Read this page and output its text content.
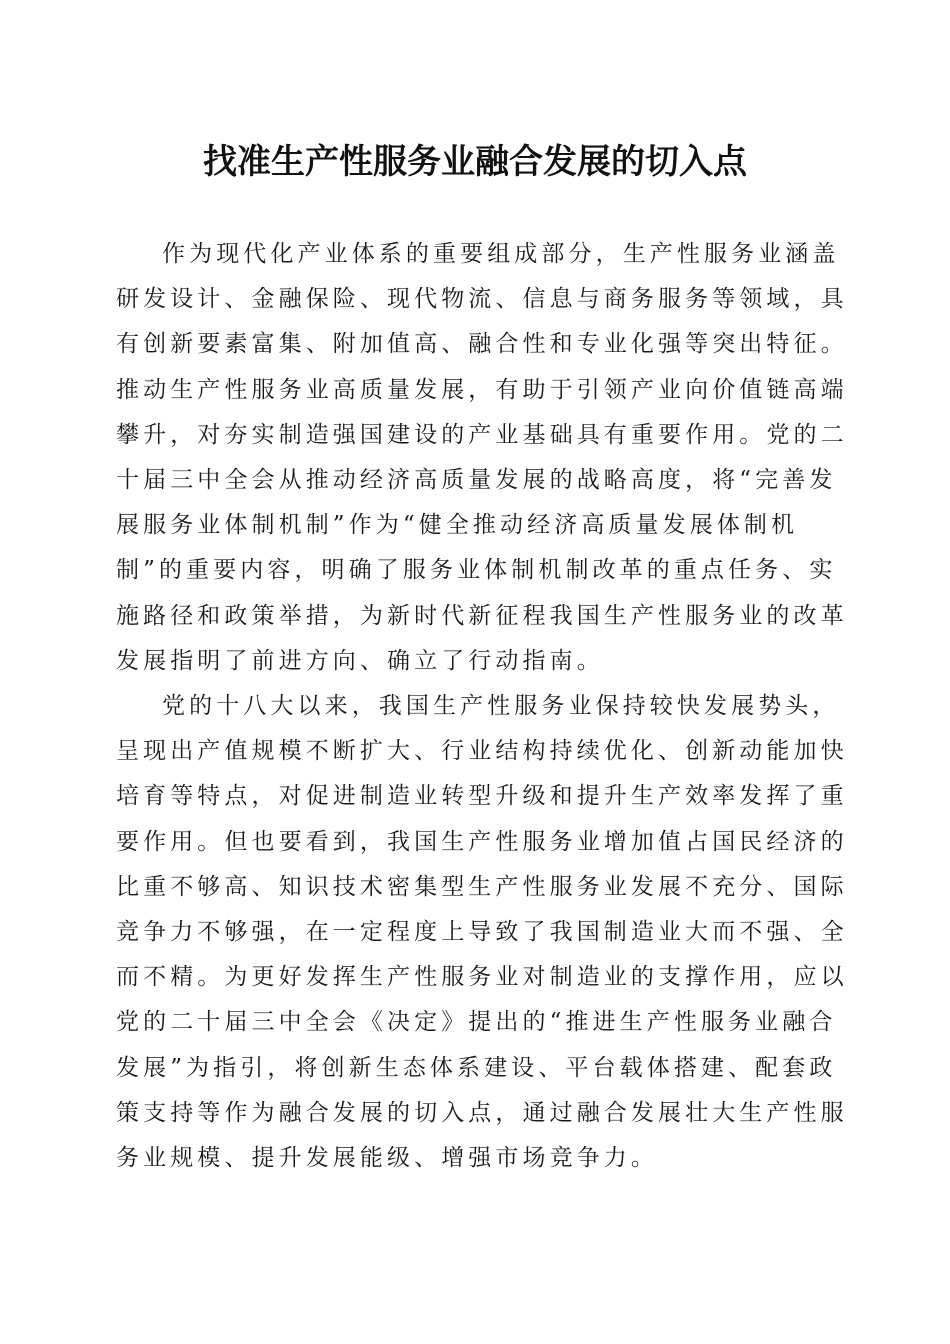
找准生产性服务业融合发展的切入点
作为现代化产业体系的重要组成部分，生产性服务业涵盖
研发设计、金融保险、现代物流、信息与商务服务等领域，具
有创新要素富集、附加值高、融合性和专业化强等突出特征。
推动生产性服务业高质量发展，有助于引领产业向价值链高端
攀升，对夯实制造强国建设的产业基础具有重要作用。党的二
十届三中全会从推动经济高质量发展的战略高度，将“完善发
展服务业体制机制”作为“健全推动经济高质量发展体制机
制”的重要内容，明确了服务业体制机制改革的重点任务、实
施路径和政策举措，为新时代新征程我国生产性服务业的改革
发展指明了前进方向、确立了行动指南。
党的十八大以来，我国生产性服务业保持较快发展势头，
呈现出产值规模不断扩大、行业结构持续优化、创新动能加快
培育等特点，对促进制造业转型升级和提升生产效率发挥了重
要作用。但也要看到，我国生产性服务业增加值占国民经济的
比重不够高、知识技术密集型生产性服务业发展不充分、国际
竞争力不够强，在一定程度上导致了我国制造业大而不强、全
而不精。为更好发挥生产性服务业对制造业的支撑作用，应以
党的二十届三中全会《决定》提出的“推进生产性服务业融合
发展”为指引，将创新生态体系建设、平台载体搭建、配套政
策支持等作为融合发展的切入点，通过融合发展壮大生产性服
务业规模、提升发展能级、增强市场竞争力。
